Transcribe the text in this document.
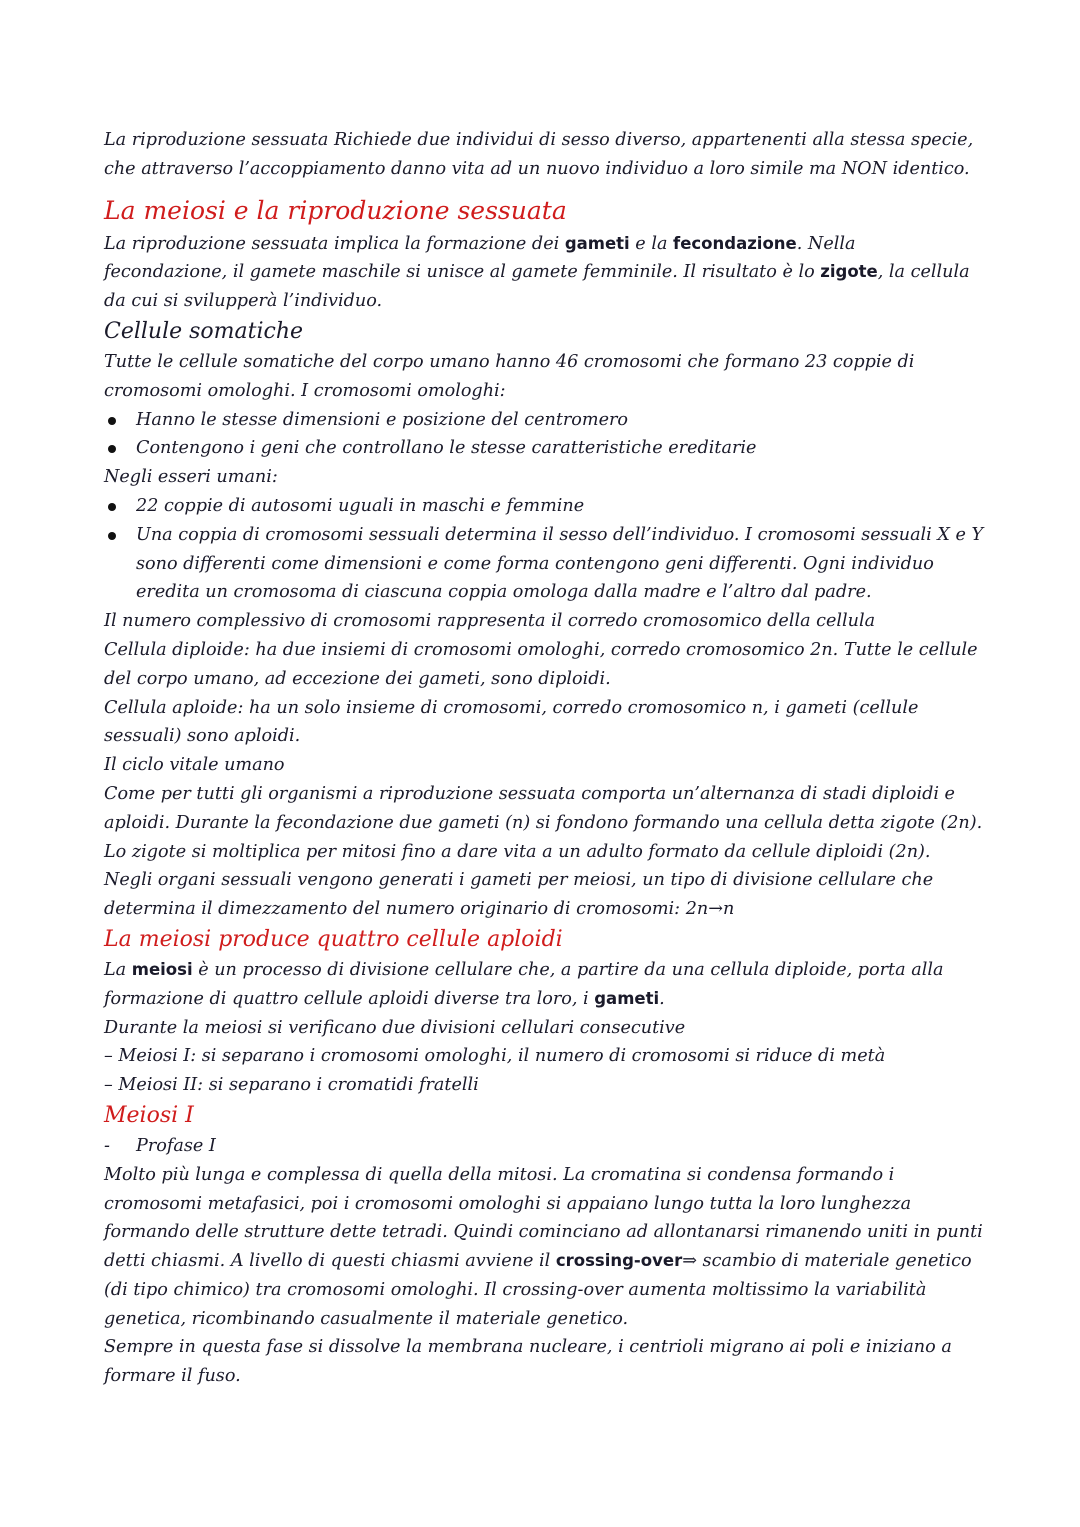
La riproduzione sessuata Richiede due individui di sesso diverso, appartenenti alla stessa specie, che attraverso l’accoppiamento danno vita ad un nuovo individuo a loro simile ma NON identico.

La meiosi e la riproduzione sessuata

La riproduzione sessuata implica la formazione dei gameti e la fecondazione. Nella fecondazione, il gamete maschile si unisce al gamete femminile. Il risultato è lo zigote, la cellula da cui si svilupperà l’individuo.

Cellule somatiche

Tutte le cellule somatiche del corpo umano hanno 46 cromosomi che formano 23 coppie di cromosomi omologhi. I cromosomi omologhi:

Hanno le stesse dimensioni e posizione del centromero
Contengono i geni che controllano le stesse caratteristiche ereditarie

Negli esseri umani:

22 coppie di autosomi uguali in maschi e femmine
Una coppia di cromosomi sessuali determina il sesso dell’individuo. I cromosomi sessuali X e Y sono differenti come dimensioni e come forma contengono geni differenti. Ogni individuo eredita un cromosoma di ciascuna coppia omologa dalla madre e l’altro dal padre.

Il numero complessivo di cromosomi rappresenta il corredo cromosomico della cellula

Cellula diploide: ha due insiemi di cromosomi omologhi, corredo cromosomico 2n. Tutte le cellule del corpo umano, ad eccezione dei gameti, sono diploidi.

Cellula aploide: ha un solo insieme di cromosomi, corredo cromosomico n, i gameti (cellule sessuali) sono aploidi.

Il ciclo vitale umano

Come per tutti gli organismi a riproduzione sessuata comporta un’alternanza di stadi diploidi e aploidi. Durante la fecondazione due gameti (n) si fondono formando una cellula detta zigote (2n). Lo zigote si moltiplica per mitosi fino a dare vita a un adulto formato da cellule diploidi (2n). Negli organi sessuali vengono generati i gameti per meiosi, un tipo di divisione cellulare che determina il dimezzamento del numero originario di cromosomi: 2n→n

La meiosi produce quattro cellule aploidi

La meiosi è un processo di divisione cellulare che, a partire da una cellula diploide, porta alla formazione di quattro cellule aploidi diverse tra loro, i gameti.

Durante la meiosi si verificano due divisioni cellulari consecutive

– Meiosi I: si separano i cromosomi omologhi, il numero di cromosomi si riduce di metà

– Meiosi II: si separano i cromatidi fratelli

Meiosi I

- Profase I

Molto più lunga e complessa di quella della mitosi. La cromatina si condensa formando i cromosomi metafasici, poi i cromosomi omologhi si appaiano lungo tutta la loro lunghezza formando delle strutture dette tetradi. Quindi cominciano ad allontanarsi rimanendo uniti in punti detti chiasmi. A livello di questi chiasmi avviene il crossing-over⇒ scambio di materiale genetico (di tipo chimico) tra cromosomi omologhi. Il crossing-over aumenta moltissimo la variabilità genetica, ricombinando casualmente il materiale genetico.

Sempre in questa fase si dissolve la membrana nucleare, i centrioli migrano ai poli e iniziano a formare il fuso.
